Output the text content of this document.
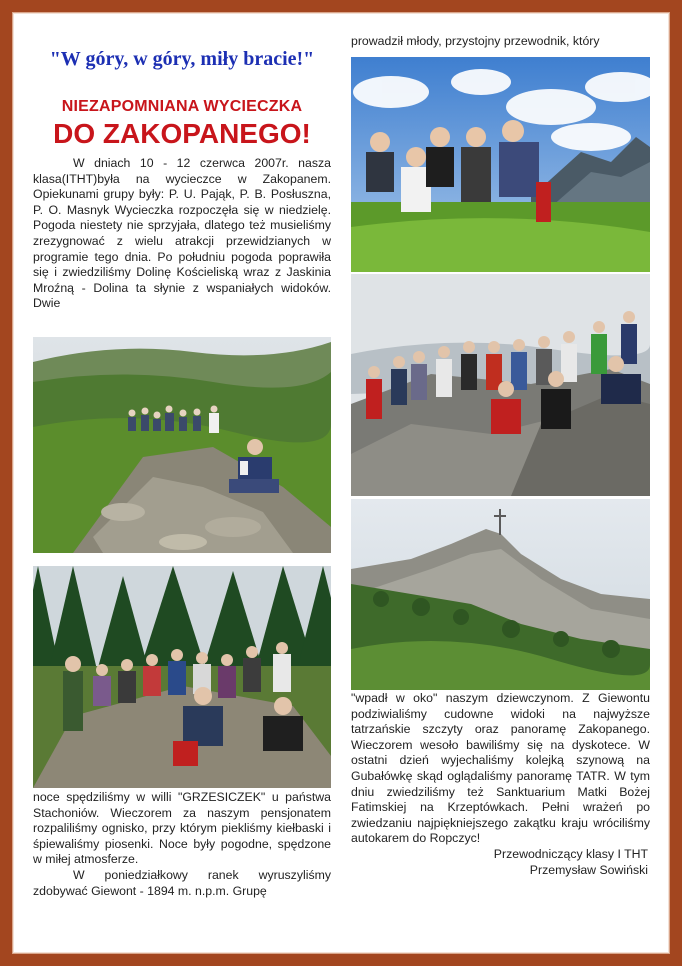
"W góry, w góry, miły bracie!"
NIEZAPOMNIANA WYCIECZKA
DO ZAKOPANEGO!

W dniach 10 - 12 czerwca 2007r. nasza klasa(ITHT)była na wycieczce w Zakopanem. Opiekunami grupy były: P. U. Pająk, P. B. Posłuszna, P. O. Masnyk Wycieczka rozpoczęła się w niedzielę. Pogoda niestety nie sprzyjała, dlatego też musieliśmy zrezygnować z wielu atrakcji przewidzianych w programie tego dnia. Po południu pogoda poprawiła się i zwiedziliśmy Dolinę Kościeliską wraz z Jaskinia Mroźną - Dolina ta słynie z wspaniałych widoków. Dwie

noce spędziliśmy w willi "GRZESICZEK" u państwa Stachoniów. Wieczorem za naszym pensjonatem rozpaliliśmy ognisko, przy którym piekliśmy kiełbaski i śpiewaliśmy piosenki. Noce były pogodne, spędzone w miłej atmosferze.

W poniedziałkowy ranek wyruszyliśmy zdobywać Giewont - 1894 m. n.p.m. Grupę

prowadził młody, przystojny przewodnik, który

"wpadł w oko" naszym dziewczynom. Z Giewontu podziwialiśmy cudowne widoki na najwyższe tatrzańskie szczyty oraz panoramę Zakopanego. Wieczorem wesoło bawiliśmy się na dyskotece. W ostatni dzień wyjechaliśmy kolejką szynową na Gubałówkę skąd oglądaliśmy panoramę TATR. W tym dniu zwiedziliśmy też Sanktuarium Matki Bożej Fatimskiej na Krzeptówkach. Pełni wrażeń po zwiedzaniu najpiękniejszego zakątku kraju wróciliśmy autokarem do Ropczyc!

Przewodniczący klasy I THT

Przemysław Sowiński
